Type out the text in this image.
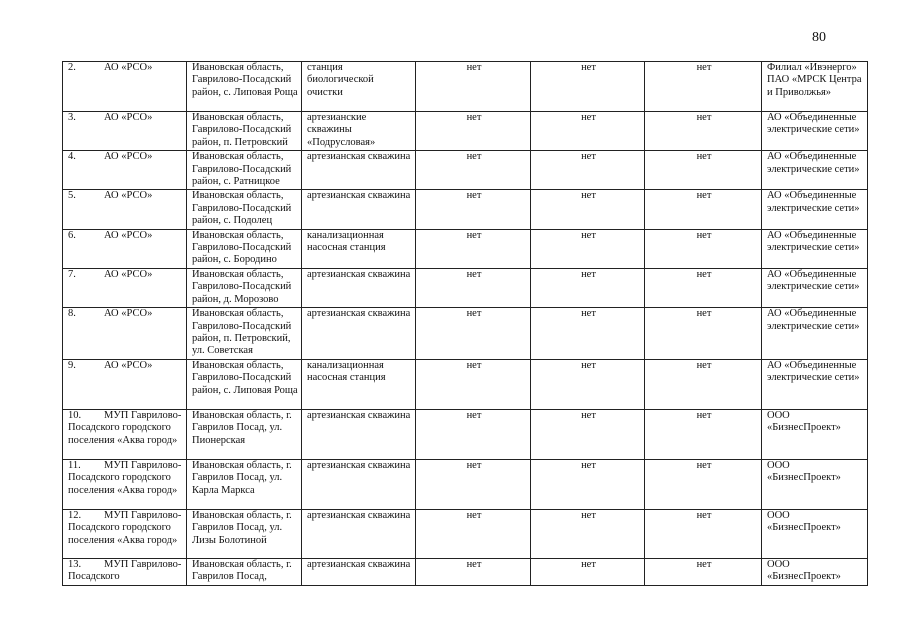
80
2. АО «РСО»	Ивановская область, Гаврилово-Посадский район, с. Липовая Роща	станция биологической очистки	нет	нет	нет	Филиал «Ивэнерго» ПАО «МРСК Центра и Приволжья»
3. АО «РСО»	Ивановская область, Гаврилово-Посадский район, п. Петровский	артезианские скважины «Подрусловая»	нет	нет	нет	АО «Объединенные электрические сети»
4. АО «РСО»	Ивановская область, Гаврилово-Посадский район, с. Ратницкое	артезианская скважина	нет	нет	нет	АО «Объединенные электрические сети»
5. АО «РСО»	Ивановская область, Гаврилово-Посадский район, с. Подолец	артезианская скважина	нет	нет	нет	АО «Объединенные электрические сети»
6. АО «РСО»	Ивановская область, Гаврилово-Посадский район, с. Бородино	канализационная насосная станция	нет	нет	нет	АО «Объединенные электрические сети»
7. АО «РСО»	Ивановская область, Гаврилово-Посадский район, д. Морозово	артезианская скважина	нет	нет	нет	АО «Объединенные электрические сети»
8. АО «РСО»	Ивановская область, Гаврилово-Посадский район, п. Петровский, ул. Советская	артезианская скважина	нет	нет	нет	АО «Объединенные электрические сети»
9. АО «РСО»	Ивановская область, Гаврилово-Посадский район, с. Липовая Роща	канализационная насосная станция	нет	нет	нет	АО «Объединенные электрические сети»
10. МУП Гаврилово-Посадского городского поселения «Аква город»	Ивановская область, г. Гаврилов Посад, ул. Пионерская	артезианская скважина	нет	нет	нет	ООО «БизнесПроект»
11. МУП Гаврилово-Посадского городского поселения «Аква город»	Ивановская область, г. Гаврилов Посад, ул. Карла Маркса	артезианская скважина	нет	нет	нет	ООО «БизнесПроект»
12. МУП Гаврилово-Посадского городского поселения «Аква город»	Ивановская область, г. Гаврилов Посад, ул. Лизы Болотиной	артезианская скважина	нет	нет	нет	ООО «БизнесПроект»
13. МУП Гаврилово-Посадского	Ивановская область, г. Гаврилов Посад,	артезианская скважина	нет	нет	нет	ООО «БизнесПроект»
